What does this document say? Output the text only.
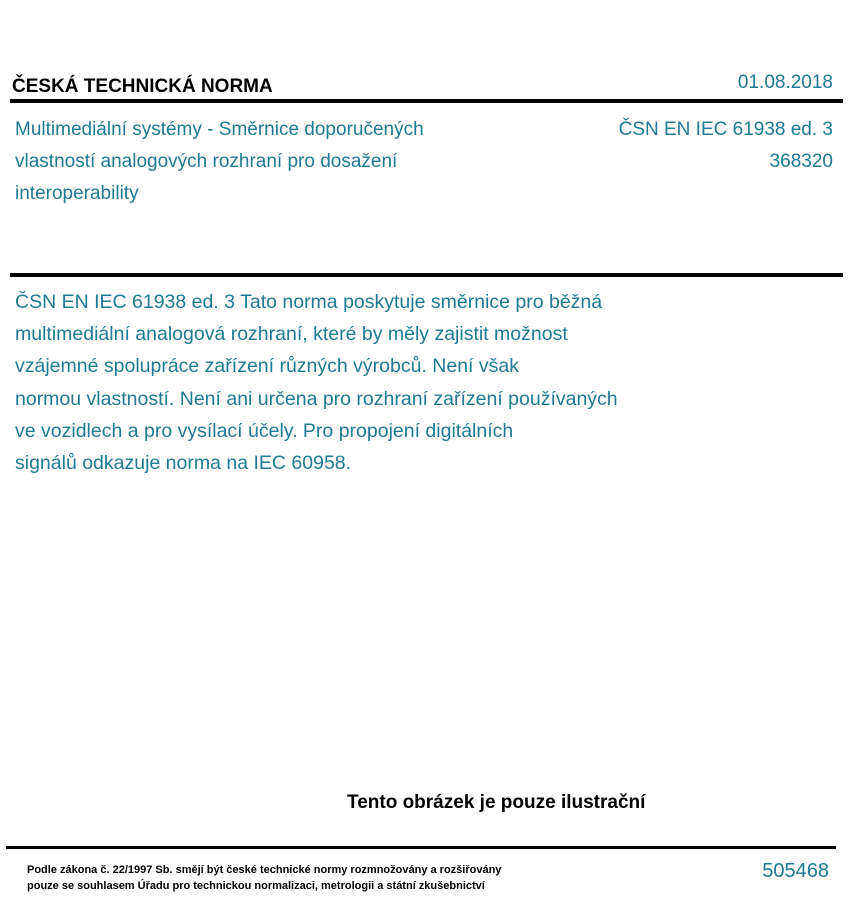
ČESKÁ TECHNICKÁ NORMA	01.08.2018
Multimediální systémy - Směrnice doporučených
vlastností analogových rozhraní pro dosažení
interoperability
ČSN EN IEC 61938 ed. 3
368320
ČSN EN IEC 61938 ed. 3 Tato norma poskytuje směrnice pro běžná
multimediální analogová rozhraní, které by měly zajistit možnost
vzájemné spolupráce zařízení různých výrobců. Není však
normou vlastností. Není ani určena pro rozhraní zařízení používaných
ve vozidlech a pro vysílací účely. Pro propojení digitálních
signálů odkazuje norma na IEC 60958.
Tento obrázek je pouze ilustrační
Podle zákona č. 22/1997 Sb. smějí být české technické normy rozmnožovány a rozšiřovány
pouze se souhlasem Úřadu pro technickou normalizaci, metrologii a státní zkušebnictví
505468
